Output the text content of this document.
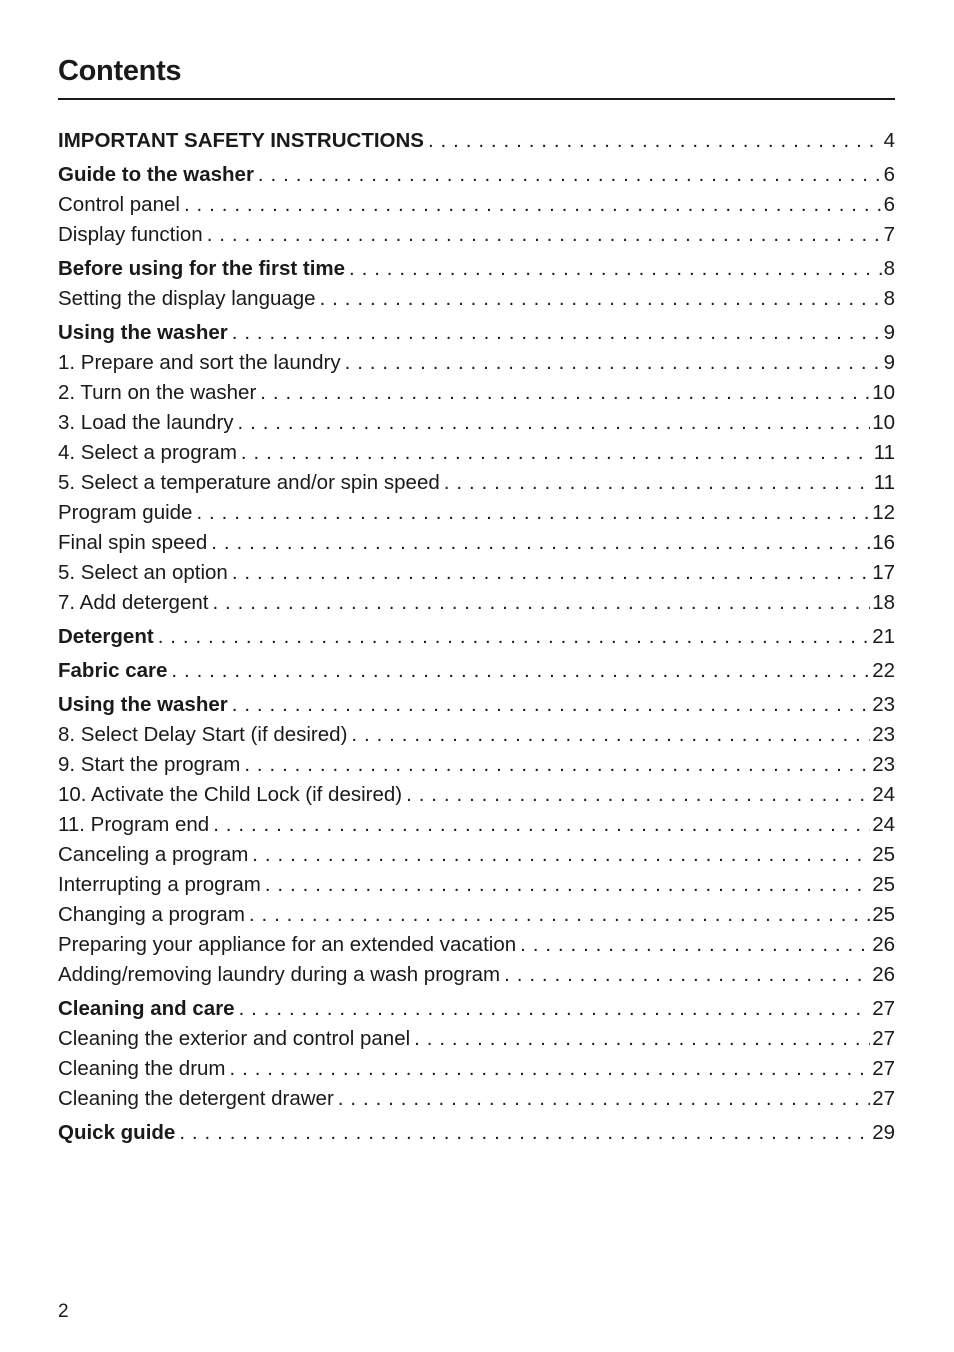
Contents
IMPORTANT SAFETY INSTRUCTIONS . . .	4
Guide to the washer . . .	6
Control panel . . .	6
Display function . . .	7
Before using for the first time . . .	8
Setting the display language . . .	8
Using the washer . . .	9
1. Prepare and sort the laundry . . .	9
2. Turn on the washer . . .	10
3. Load the laundry . . .	10
4. Select a program . . .	11
5. Select a temperature and/or spin speed . . .	11
Program guide . . .	12
Final spin speed . . .	16
5. Select an option . . .	17
7. Add detergent . . .	18
Detergent . . .	21
Fabric care . . .	22
Using the washer . . .	23
8. Select Delay Start (if desired) . . .	23
9. Start the program . . .	23
10. Activate the Child Lock (if desired) . . .	24
11. Program end . . .	24
Canceling a program . . .	25
Interrupting a program . . .	25
Changing a program . . .	25
Preparing your appliance for an extended vacation . . .	26
Adding/removing laundry during a wash program . . .	26
Cleaning and care . . .	27
Cleaning the exterior and control panel . . .	27
Cleaning the drum . . .	27
Cleaning the detergent drawer . . .	27
Quick guide . . .	29
2
